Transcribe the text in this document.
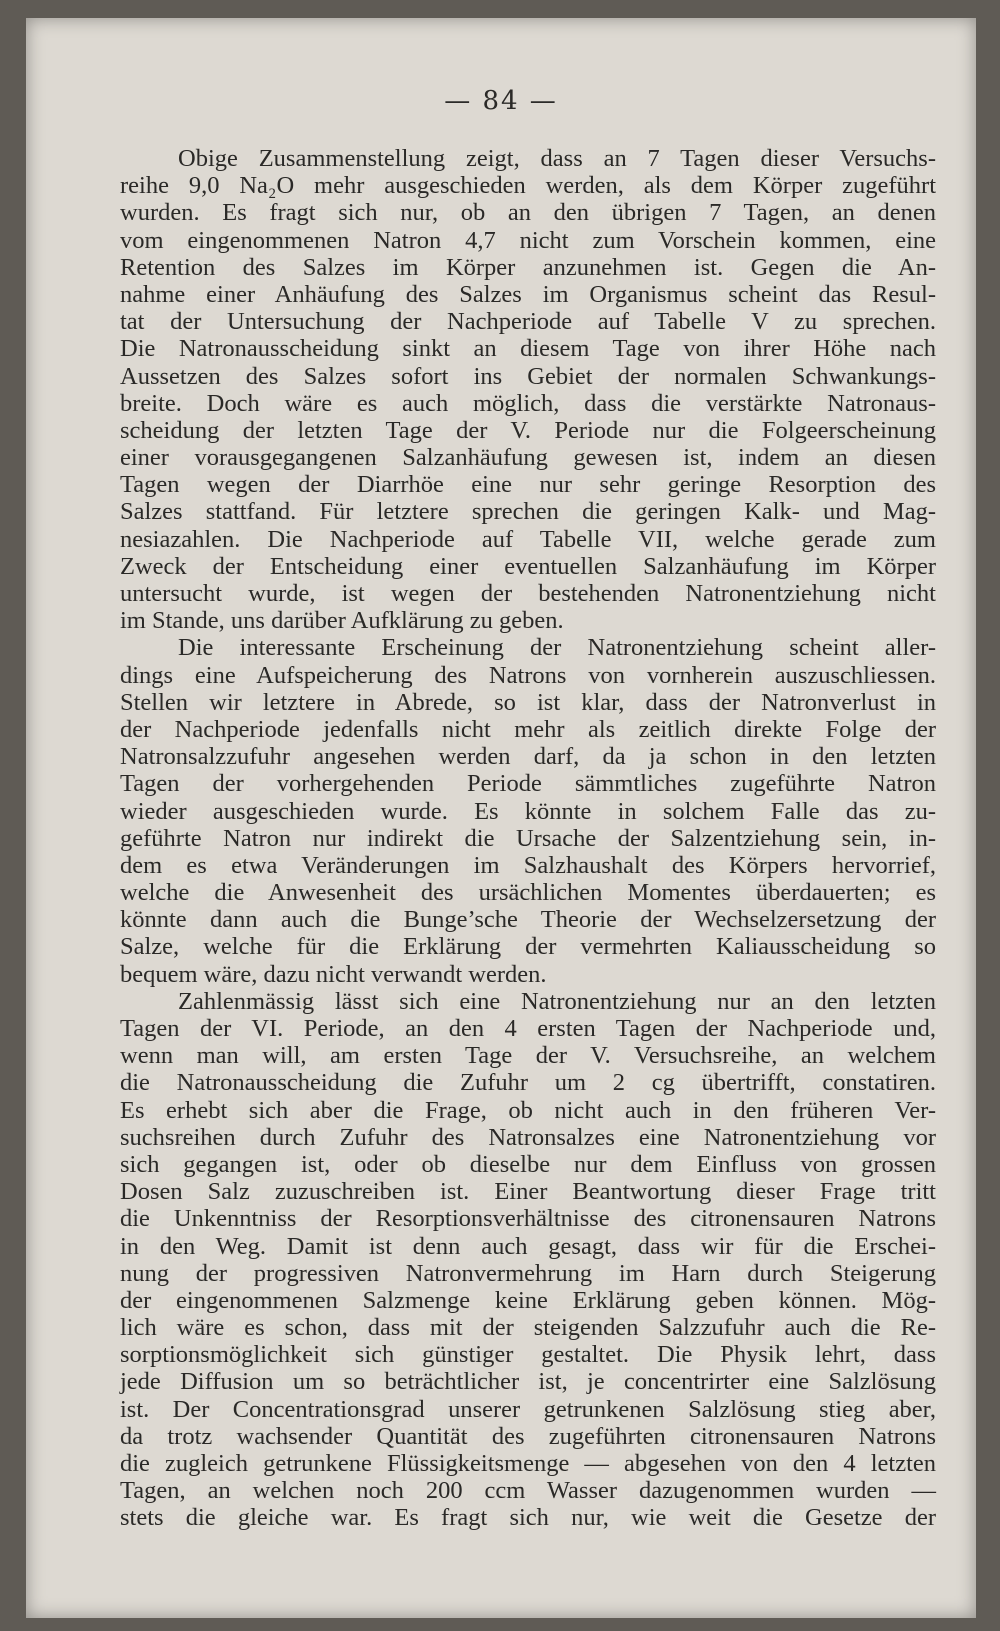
— 84 —
Obige Zusammenstellung zeigt, dass an 7 Tagen dieser Versuchs-
reihe 9,0 Na₂O mehr ausgeschieden werden, als dem Körper zugeführt
wurden. Es fragt sich nur, ob an den übrigen 7 Tagen, an denen
vom eingenommenen Natron 4,7 nicht zum Vorschein kommen, eine
Retention des Salzes im Körper anzunehmen ist. Gegen die An-
nahme einer Anhäufung des Salzes im Organismus scheint das Resul-
tat der Untersuchung der Nachperiode auf Tabelle V zu sprechen.
Die Natronausscheidung sinkt an diesem Tage von ihrer Höhe nach
Aussetzen des Salzes sofort ins Gebiet der normalen Schwankungs-
breite. Doch wäre es auch möglich, dass die verstärkte Natronaus-
scheidung der letzten Tage der V. Periode nur die Folgeerscheinung
einer vorausgegangenen Salzanhäufung gewesen ist, indem an diesen
Tagen wegen der Diarrhöe eine nur sehr geringe Resorption des
Salzes stattfand. Für letztere sprechen die geringen Kalk- und Mag-
nesiazahlen. Die Nachperiode auf Tabelle VII, welche gerade zum
Zweck der Entscheidung einer eventuellen Salzanhäufung im Körper
untersucht wurde, ist wegen der bestehenden Natronentziehung nicht
im Stande, uns darüber Aufklärung zu geben.
Die interessante Erscheinung der Natronentziehung scheint aller-
dings eine Aufspeicherung des Natrons von vornherein auszuschliessen.
Stellen wir letztere in Abrede, so ist klar, dass der Natronverlust in
der Nachperiode jedenfalls nicht mehr als zeitlich direkte Folge der
Natronsalzzufuhr angesehen werden darf, da ja schon in den letzten
Tagen der vorhergehenden Periode sämmtliches zugeführte Natron
wieder ausgeschieden wurde. Es könnte in solchem Falle das zu-
geführte Natron nur indirekt die Ursache der Salzentziehung sein, in-
dem es etwa Veränderungen im Salzhaushalt des Körpers hervorrief,
welche die Anwesenheit des ursächlichen Momentes überdauerten; es
könnte dann auch die Bunge’sche Theorie der Wechselzersetzung der
Salze, welche für die Erklärung der vermehrten Kaliausscheidung so
bequem wäre, dazu nicht verwandt werden.
Zahlenmässig lässt sich eine Natronentziehung nur an den letzten
Tagen der VI. Periode, an den 4 ersten Tagen der Nachperiode und,
wenn man will, am ersten Tage der V. Versuchsreihe, an welchem
die Natronausscheidung die Zufuhr um 2 cg übertrifft, constatiren.
Es erhebt sich aber die Frage, ob nicht auch in den früheren Ver-
suchsreihen durch Zufuhr des Natronsalzes eine Natronentziehung vor
sich gegangen ist, oder ob dieselbe nur dem Einfluss von grossen
Dosen Salz zuzuschreiben ist. Einer Beantwortung dieser Frage tritt
die Unkenntniss der Resorptionsverhältnisse des citronensauren Natrons
in den Weg. Damit ist denn auch gesagt, dass wir für die Erschei-
nung der progressiven Natronvermehrung im Harn durch Steigerung
der eingenommenen Salzmenge keine Erklärung geben können. Mög-
lich wäre es schon, dass mit der steigenden Salzzufuhr auch die Re-
sorptionsmöglichkeit sich günstiger gestaltet. Die Physik lehrt, dass
jede Diffusion um so beträchtlicher ist, je concentrirter eine Salzlösung
ist. Der Concentrationsgrad unserer getrunkenen Salzlösung stieg aber,
da trotz wachsender Quantität des zugeführten citronensauren Natrons
die zugleich getrunkene Flüssigkeitsmenge — abgesehen von den 4 letzten
Tagen, an welchen noch 200 ccm Wasser dazugenommen wurden —
stets die gleiche war. Es fragt sich nur, wie weit die Gesetze der
